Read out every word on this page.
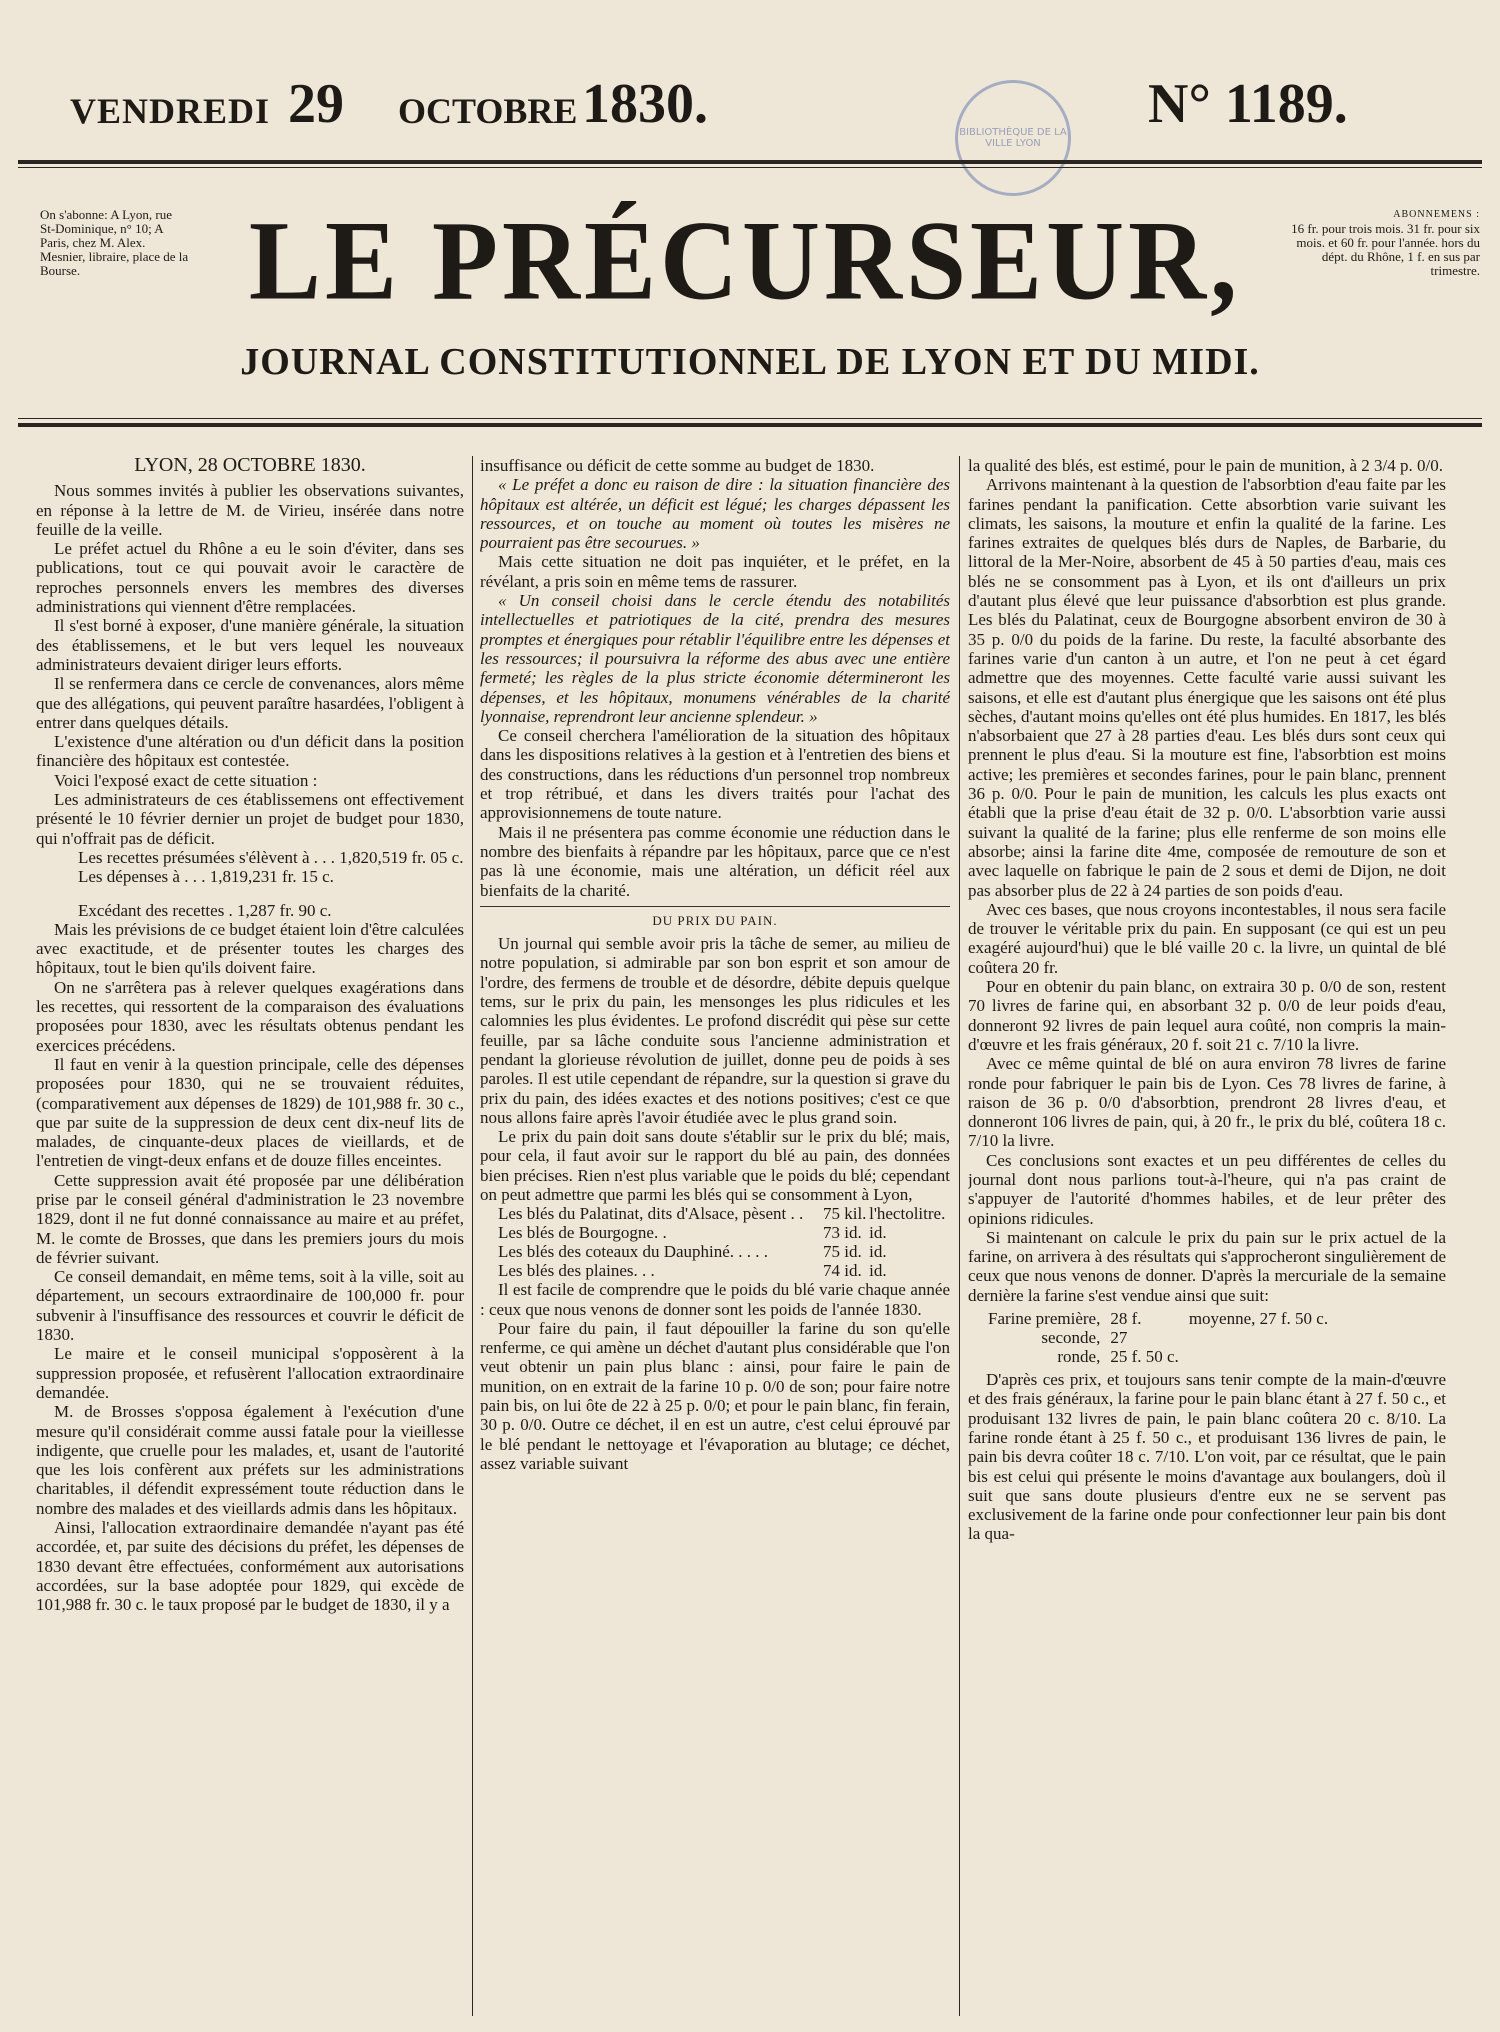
VENDREDI 29 OCTOBRE 1830.	BIBLIOTHÈQUE DE LA VILLE LYON
N° 1189.
On s'abonne: A Lyon, rue St-Dominique, n° 10; A Paris, chez M. Alex. Mesnier, libraire, place de la Bourse.
ABONNEMENS :
16 fr. pour trois mois. 31 fr. pour six mois. et 60 fr. pour l'année. hors du dépt. du Rhône, 1 f. en sus par trimestre.
LE PRÉCURSEUR,
JOURNAL CONSTITUTIONNEL DE LYON ET DU MIDI.

LYON, 28 OCTOBRE 1830.

Nous sommes invités à publier les observations suivantes, en réponse à la lettre de M. de Virieu, insérée dans notre feuille de la veille.

Le préfet actuel du Rhône a eu le soin d'éviter, dans ses publications, tout ce qui pouvait avoir le caractère de reproches personnels envers les membres des diverses administrations qui viennent d'être remplacées.

Il s'est borné à exposer, d'une manière générale, la situation des établissemens, et le but vers lequel les nouveaux administrateurs devaient diriger leurs efforts.

Il se renfermera dans ce cercle de convenances, alors même que des allégations, qui peuvent paraître hasardées, l'obligent à entrer dans quelques détails.

L'existence d'une altération ou d'un déficit dans la position financière des hôpitaux est contestée.

Voici l'exposé exact de cette situation :

Les administrateurs de ces établissemens ont effectivement présenté le 10 février dernier un projet de budget pour 1830, qui n'offrait pas de déficit.

Les recettes présumées s'élèvent à . . . 1,820,519 fr. 05 c.

Les dépenses à . . . 1,819,231 fr. 15 c.

Excédant des recettes . 1,287 fr. 90 c.

Mais les prévisions de ce budget étaient loin d'être calculées avec exactitude, et de présenter toutes les charges des hôpitaux, tout le bien qu'ils doivent faire.

On ne s'arrêtera pas à relever quelques exagérations dans les recettes, qui ressortent de la comparaison des évaluations proposées pour 1830, avec les résultats obtenus pendant les exercices précédens.

Il faut en venir à la question principale, celle des dépenses proposées pour 1830, qui ne se trouvaient réduites, (comparativement aux dépenses de 1829) de 101,988 fr. 30 c., que par suite de la suppression de deux cent dix-neuf lits de malades, de cinquante-deux places de vieillards, et de l'entretien de vingt-deux enfans et de douze filles enceintes.

Cette suppression avait été proposée par une délibération prise par le conseil général d'administration le 23 novembre 1829, dont il ne fut donné connaissance au maire et au préfet, M. le comte de Brosses, que dans les premiers jours du mois de février suivant.

Ce conseil demandait, en même tems, soit à la ville, soit au département, un secours extraordinaire de 100,000 fr. pour subvenir à l'insuffisance des ressources et couvrir le déficit de 1830.

Le maire et le conseil municipal s'opposèrent à la suppression proposée, et refusèrent l'allocation extraordinaire demandée.

M. de Brosses s'opposa également à l'exécution d'une mesure qu'il considérait comme aussi fatale pour la vieillesse indigente, que cruelle pour les malades, et, usant de l'autorité que les lois confèrent aux préfets sur les administrations charitables, il défendit expressément toute réduction dans le nombre des malades et des vieillards admis dans les hôpitaux.

Ainsi, l'allocation extraordinaire demandée n'ayant pas été accordée, et, par suite des décisions du préfet, les dépenses de 1830 devant être effectuées, conformément aux autorisations accordées, sur la base adoptée pour 1829, qui excède de 101,988 fr. 30 c. le taux proposé par le budget de 1830, il y a

insuffisance ou déficit de cette somme au budget de 1830.

« Le préfet a donc eu raison de dire : la situation financière des hôpitaux est altérée, un déficit est légué; les charges dépassent les ressources, et on touche au moment où toutes les misères ne pourraient pas être secourues. »

Mais cette situation ne doit pas inquiéter, et le préfet, en la révélant, a pris soin en même tems de rassurer.

« Un conseil choisi dans le cercle étendu des notabilités intellectuelles et patriotiques de la cité, prendra des mesures promptes et énergiques pour rétablir l'équilibre entre les dépenses et les ressources; il poursuivra la réforme des abus avec une entière fermeté; les règles de la plus stricte économie détermineront les dépenses, et les hôpitaux, monumens vénérables de la charité lyonnaise, reprendront leur ancienne splendeur. »

Ce conseil cherchera l'amélioration de la situation des hôpitaux dans les dispositions relatives à la gestion et à l'entretien des biens et des constructions, dans les réductions d'un personnel trop nombreux et trop rétribué, et dans les divers traités pour l'achat des approvisionnemens de toute nature.

Mais il ne présentera pas comme économie une réduction dans le nombre des bienfaits à répandre par les hôpitaux, parce que ce n'est pas là une économie, mais une altération, un déficit réel aux bienfaits de la charité.

DU PRIX DU PAIN.

Un journal qui semble avoir pris la tâche de semer, au milieu de notre population, si admirable par son bon esprit et son amour de l'ordre, des fermens de trouble et de désordre, débite depuis quelque tems, sur le prix du pain, les mensonges les plus ridicules et les calomnies les plus évidentes. Le profond discrédit qui pèse sur cette feuille, par sa lâche conduite sous l'ancienne administration et pendant la glorieuse révolution de juillet, donne peu de poids à ses paroles. Il est utile cependant de répandre, sur la question si grave du prix du pain, des idées exactes et des notions positives; c'est ce que nous allons faire après l'avoir étudiée avec le plus grand soin.

Le prix du pain doit sans doute s'établir sur le prix du blé; mais, pour cela, il faut avoir sur le rapport du blé au pain, des données bien précises. Rien n'est plus variable que le poids du blé; cependant on peut admettre que parmi les blés qui se consomment à Lyon,

Les blés du Palatinat, dits d'Alsace, pèsent . .	75 kil.	l'hectolitre.
Les blés de Bourgogne. .	73 id.	id.
Les blés des coteaux du Dauphiné. . . . .	75 id.	id.
Les blés des plaines. . .	74 id.	id.

Il est facile de comprendre que le poids du blé varie chaque année : ceux que nous venons de donner sont les poids de l'année 1830.

Pour faire du pain, il faut dépouiller la farine du son qu'elle renferme, ce qui amène un déchet d'autant plus considérable que l'on veut obtenir un pain plus blanc : ainsi, pour faire le pain de munition, on en extrait de la farine 10 p. 0/0 de son; pour faire notre pain bis, on lui ôte de 22 à 25 p. 0/0; et pour le pain blanc, fin ferain, 30 p. 0/0. Outre ce déchet, il en est un autre, c'est celui éprouvé par le blé pendant le nettoyage et l'évaporation au blutage; ce déchet, assez variable suivant

la qualité des blés, est estimé, pour le pain de munition, à 2 3/4 p. 0/0.

Arrivons maintenant à la question de l'absorbtion d'eau faite par les farines pendant la panification. Cette absorbtion varie suivant les climats, les saisons, la mouture et enfin la qualité de la farine. Les farines extraites de quelques blés durs de Naples, de Barbarie, du littoral de la Mer-Noire, absorbent de 45 à 50 parties d'eau, mais ces blés ne se consomment pas à Lyon, et ils ont d'ailleurs un prix d'autant plus élevé que leur puissance d'absorbtion est plus grande. Les blés du Palatinat, ceux de Bourgogne absorbent environ de 30 à 35 p. 0/0 du poids de la farine. Du reste, la faculté absorbante des farines varie d'un canton à un autre, et l'on ne peut à cet égard admettre que des moyennes. Cette faculté varie aussi suivant les saisons, et elle est d'autant plus énergique que les saisons ont été plus sèches, d'autant moins qu'elles ont été plus humides. En 1817, les blés n'absorbaient que 27 à 28 parties d'eau. Les blés durs sont ceux qui prennent le plus d'eau. Si la mouture est fine, l'absorbtion est moins active; les premières et secondes farines, pour le pain blanc, prennent 36 p. 0/0. Pour le pain de munition, les calculs les plus exacts ont établi que la prise d'eau était de 32 p. 0/0. L'absorbtion varie aussi suivant la qualité de la farine; plus elle renferme de son moins elle absorbe; ainsi la farine dite 4me, composée de remouture de son et avec laquelle on fabrique le pain de 2 sous et demi de Dijon, ne doit pas absorber plus de 22 à 24 parties de son poids d'eau.

Avec ces bases, que nous croyons incontestables, il nous sera facile de trouver le véritable prix du pain. En supposant (ce qui est un peu exagéré aujourd'hui) que le blé vaille 20 c. la livre, un quintal de blé coûtera 20 fr.

Pour en obtenir du pain blanc, on extraira 30 p. 0/0 de son, restent 70 livres de farine qui, en absorbant 32 p. 0/0 de leur poids d'eau, donneront 92 livres de pain lequel aura coûté, non compris la main-d'œuvre et les frais généraux, 20 f. soit 21 c. 7/10 la livre.

Avec ce même quintal de blé on aura environ 78 livres de farine ronde pour fabriquer le pain bis de Lyon. Ces 78 livres de farine, à raison de 36 p. 0/0 d'absorbtion, prendront 28 livres d'eau, et donneront 106 livres de pain, qui, à 20 fr., le prix du blé, coûtera 18 c. 7/10 la livre.

Ces conclusions sont exactes et un peu différentes de celles du journal dont nous parlions tout-à-l'heure, qui n'a pas craint de s'appuyer de l'autorité d'hommes habiles, et de leur prêter des opinions ridicules.

Si maintenant on calcule le prix du pain sur le prix actuel de la farine, on arrivera à des résultats qui s'approcheront singulièrement de ceux que nous venons de donner. D'après la mercuriale de la semaine dernière la farine s'est vendue ainsi que suit:

Farine première,	28 f.	moyenne, 27 f. 50 c.
seconde,	27	
ronde,	25 f. 50 c.	

D'après ces prix, et toujours sans tenir compte de la main-d'œuvre et des frais généraux, la farine pour le pain blanc étant à 27 f. 50 c., et produisant 132 livres de pain, le pain blanc coûtera 20 c. 8/10. La farine ronde étant à 25 f. 50 c., et produisant 136 livres de pain, le pain bis devra coûter 18 c. 7/10. L'on voit, par ce résultat, que le pain bis est celui qui présente le moins d'avantage aux boulangers, doù il suit que sans doute plusieurs d'entre eux ne se servent pas exclusivement de la farine onde pour confectionner leur pain bis dont la qua-
